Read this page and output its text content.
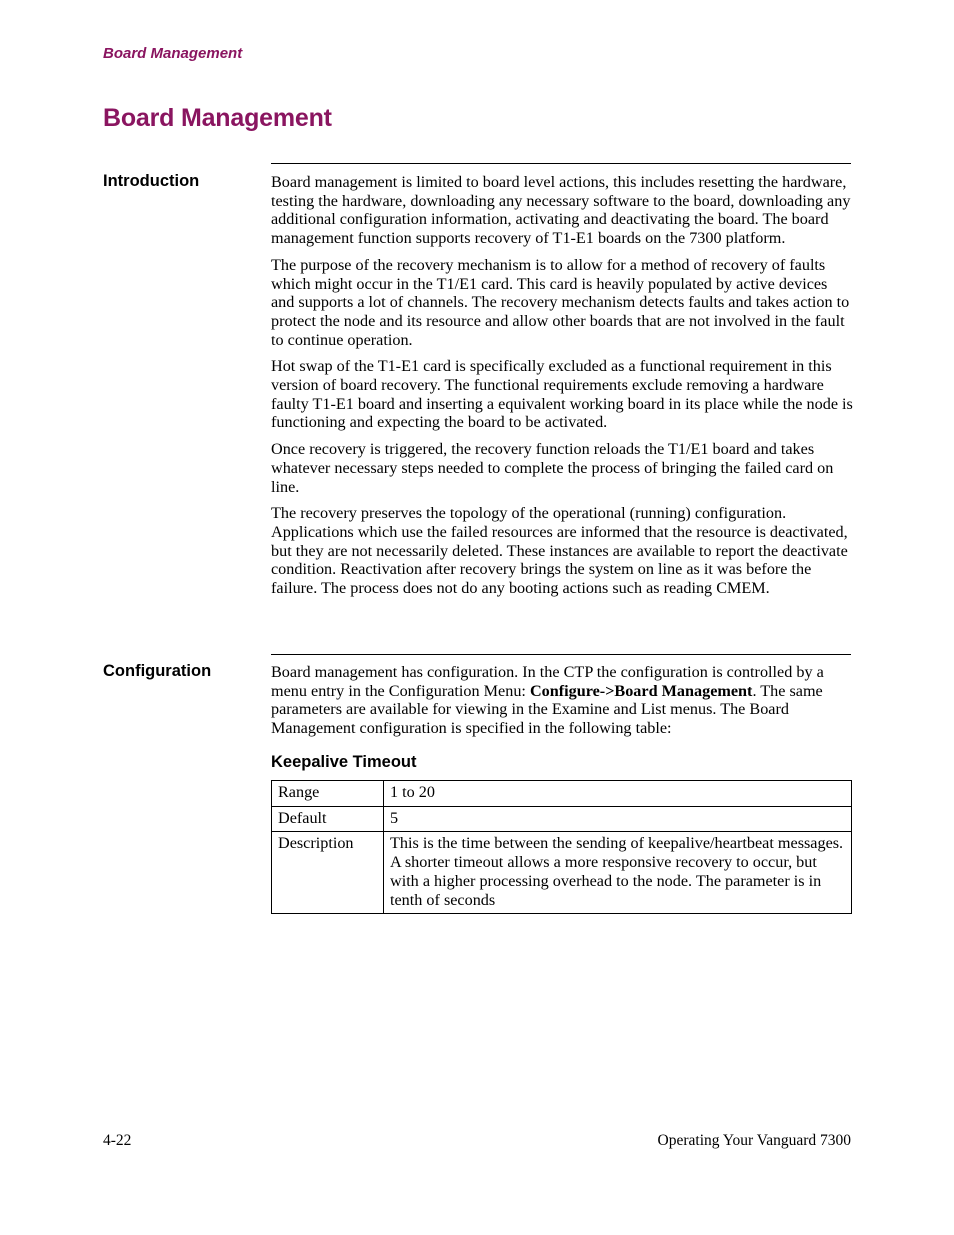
Board Management
Board Management
Introduction	Board management is limited to board level actions, this includes resetting the hardware, testing the hardware, downloading any necessary software to the board, downloading any additional configuration information, activating and deactivating the board. The board management function supports recovery of T1-E1 boards on the 7300 platform.

The purpose of the recovery mechanism is to allow for a method of recovery of faults which might occur in the T1/E1 card. This card is heavily populated by active devices and supports a lot of channels. The recovery mechanism detects faults and takes action to protect the node and its resource and allow other boards that are not involved in the fault to continue operation.

Hot swap of the T1-E1 card is specifically excluded as a functional requirement in this version of board recovery. The functional requirements exclude removing a hardware faulty T1-E1 board and inserting a equivalent working board in its place while the node is functioning and expecting the board to be activated.

Once recovery is triggered, the recovery function reloads the T1/E1 board and takes whatever necessary steps needed to complete the process of bringing the failed card on line.

The recovery preserves the topology of the operational (running) configuration. Applications which use the failed resources are informed that the resource is deactivated, but they are not necessarily deleted. These instances are available to report the deactivate condition. Reactivation after recovery brings the system on line as it was before the failure. The process does not do any booting actions such as reading CMEM.

Configuration	Board management has configuration. In the CTP the configuration is controlled by a menu entry in the Configuration Menu: Configure->Board Management. The same parameters are available for viewing in the Examine and List menus. The Board Management configuration is specified in the following table:

Keepalive Timeout
Range	1 to 20
Default	5
Description	This is the time between the sending of keepalive/heartbeat messages. A shorter timeout allows a more responsive recovery to occur, but with a higher processing overhead to the node. The parameter is in tenth of seconds
4-22	Operating Your Vanguard 7300
